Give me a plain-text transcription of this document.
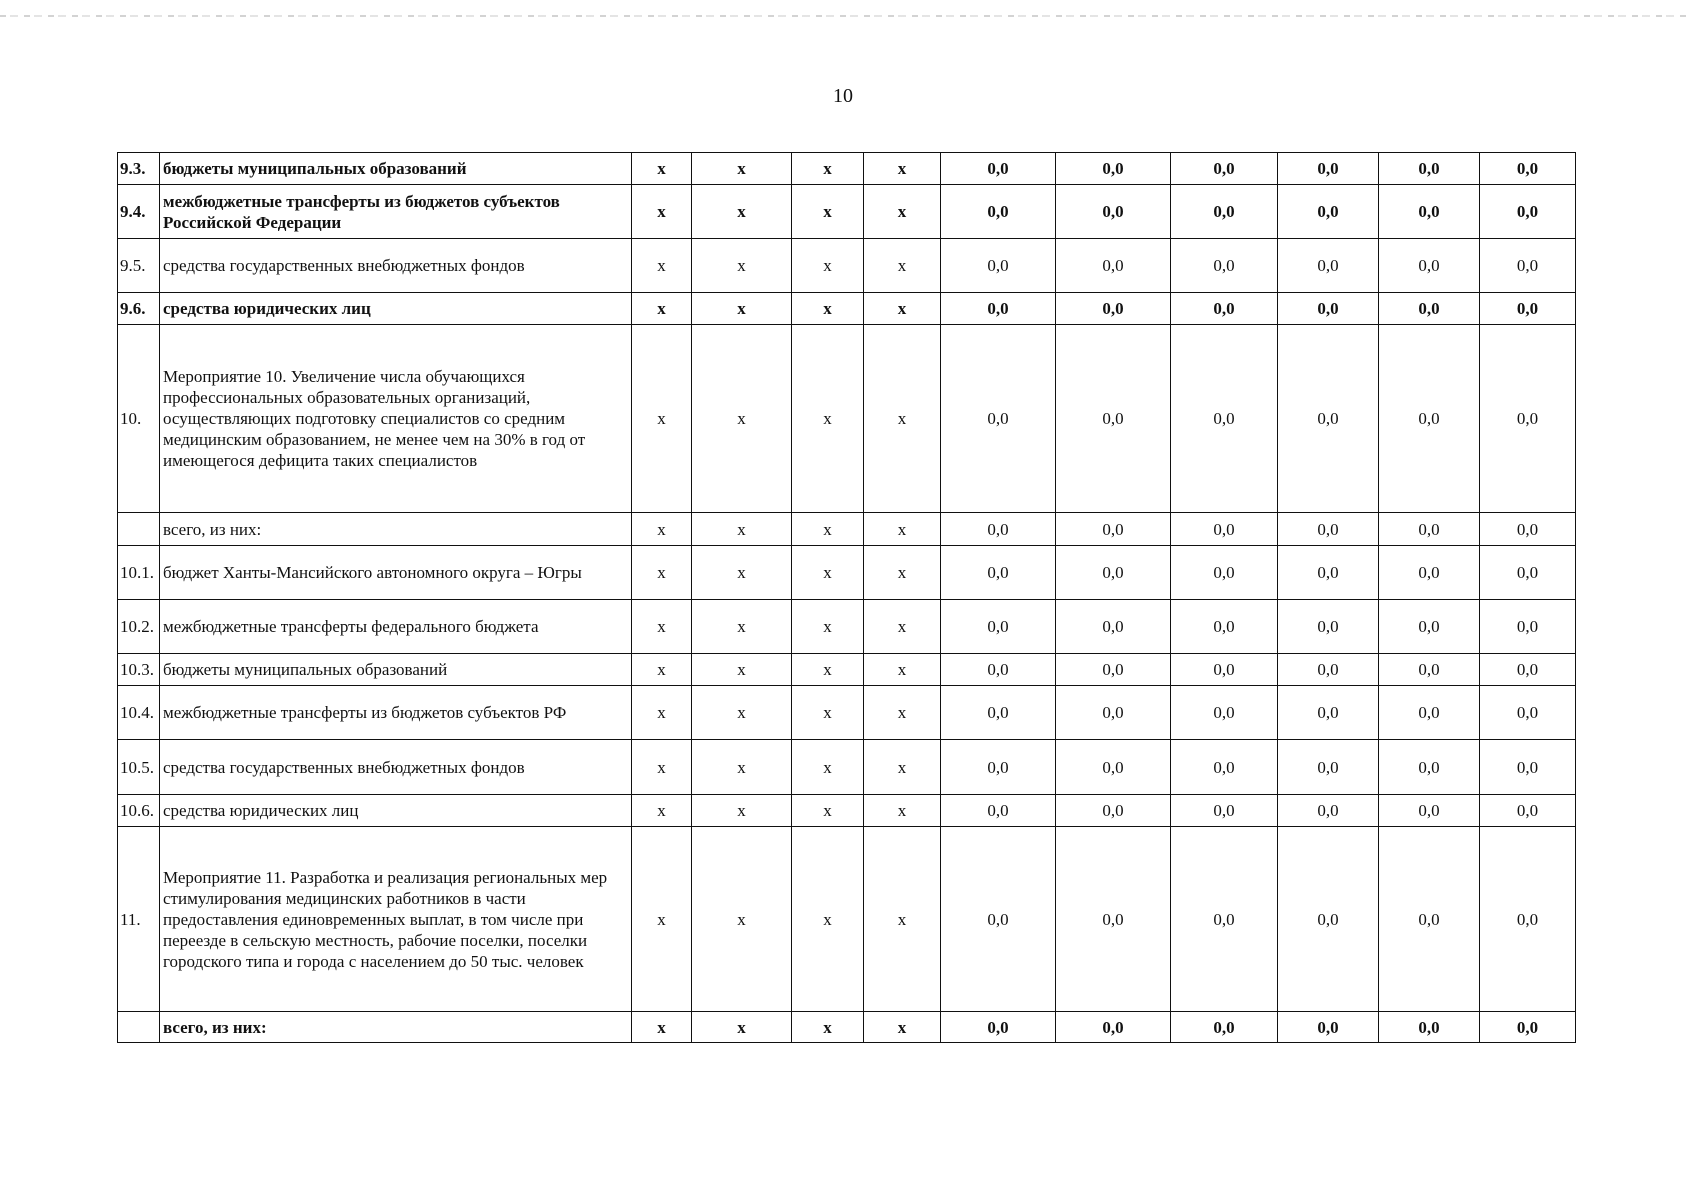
10
9.3.	бюджеты муниципальных образований	x	x	x	x	0,0	0,0	0,0	0,0	0,0	0,0
9.4.	межбюджетные трансферты из бюджетов субъектов Российской Федерации	x	x	x	x	0,0	0,0	0,0	0,0	0,0	0,0
9.5.	средства государственных внебюджетных фондов	x	x	x	x	0,0	0,0	0,0	0,0	0,0	0,0
9.6.	средства юридических лиц	x	x	x	x	0,0	0,0	0,0	0,0	0,0	0,0
10.	Мероприятие 10. Увеличение числа обучающихся профессиональных образовательных организаций, осуществляющих подготовку специалистов со средним медицинским образованием, не менее чем на 30% в год от имеющегося дефицита таких специалистов	x	x	x	x	0,0	0,0	0,0	0,0	0,0	0,0
	всего, из них:	x	x	x	x	0,0	0,0	0,0	0,0	0,0	0,0
10.1.	бюджет Ханты-Мансийского автономного округа – Югры	x	x	x	x	0,0	0,0	0,0	0,0	0,0	0,0
10.2.	межбюджетные трансферты федерального бюджета	x	x	x	x	0,0	0,0	0,0	0,0	0,0	0,0
10.3.	бюджеты муниципальных образований	x	x	x	x	0,0	0,0	0,0	0,0	0,0	0,0
10.4.	межбюджетные трансферты из бюджетов субъектов РФ	x	x	x	x	0,0	0,0	0,0	0,0	0,0	0,0
10.5.	средства государственных внебюджетных фондов	x	x	x	x	0,0	0,0	0,0	0,0	0,0	0,0
10.6.	средства юридических лиц	x	x	x	x	0,0	0,0	0,0	0,0	0,0	0,0
11.	Мероприятие 11. Разработка и реализация региональных мер стимулирования медицинских работников в части предоставления единовременных выплат, в том числе при переезде в сельскую местность, рабочие поселки, поселки городского типа и города с населением до 50 тыс. человек	x	x	x	x	0,0	0,0	0,0	0,0	0,0	0,0
	всего, из них:	x	x	x	x	0,0	0,0	0,0	0,0	0,0	0,0
